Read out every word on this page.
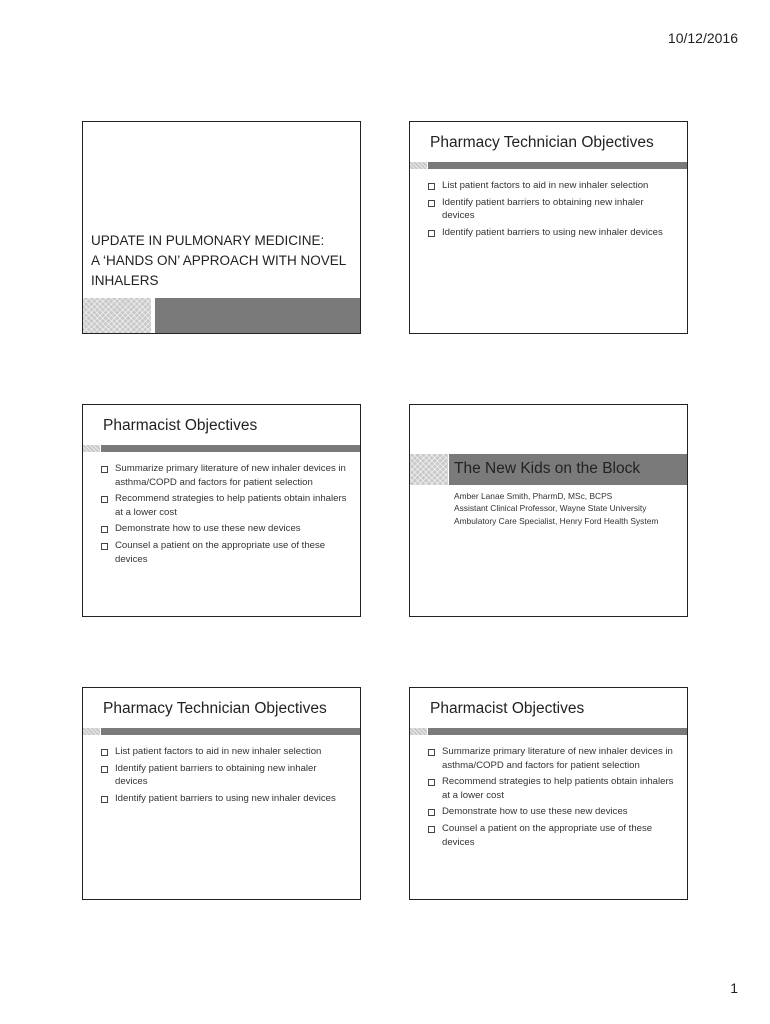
10/12/2016
UPDATE IN PULMONARY MEDICINE:
A ‘HANDS ON’ APPROACH WITH NOVEL
INHALERS
Pharmacy Technician Objectives
List patient factors to aid in new inhaler selection
Identify patient barriers to obtaining new inhaler devices
Identify patient barriers to using new inhaler devices
Pharmacist Objectives
Summarize primary literature of new inhaler devices in asthma/COPD and factors for patient selection
Recommend strategies to help patients obtain inhalers at a lower cost
Demonstrate how to use these new devices
Counsel a patient on the appropriate use of these devices
The New Kids on the Block
Amber Lanae Smith, PharmD, MSc, BCPS
Assistant Clinical Professor, Wayne State University
Ambulatory Care Specialist, Henry Ford Health System
Pharmacy Technician Objectives
List patient factors to aid in new inhaler selection
Identify patient barriers to obtaining new inhaler devices
Identify patient barriers to using new inhaler devices
Pharmacist Objectives
Summarize primary literature of new inhaler devices in asthma/COPD and factors for patient selection
Recommend strategies to help patients obtain inhalers at a lower cost
Demonstrate how to use these new devices
Counsel a patient on the appropriate use of these devices
1
